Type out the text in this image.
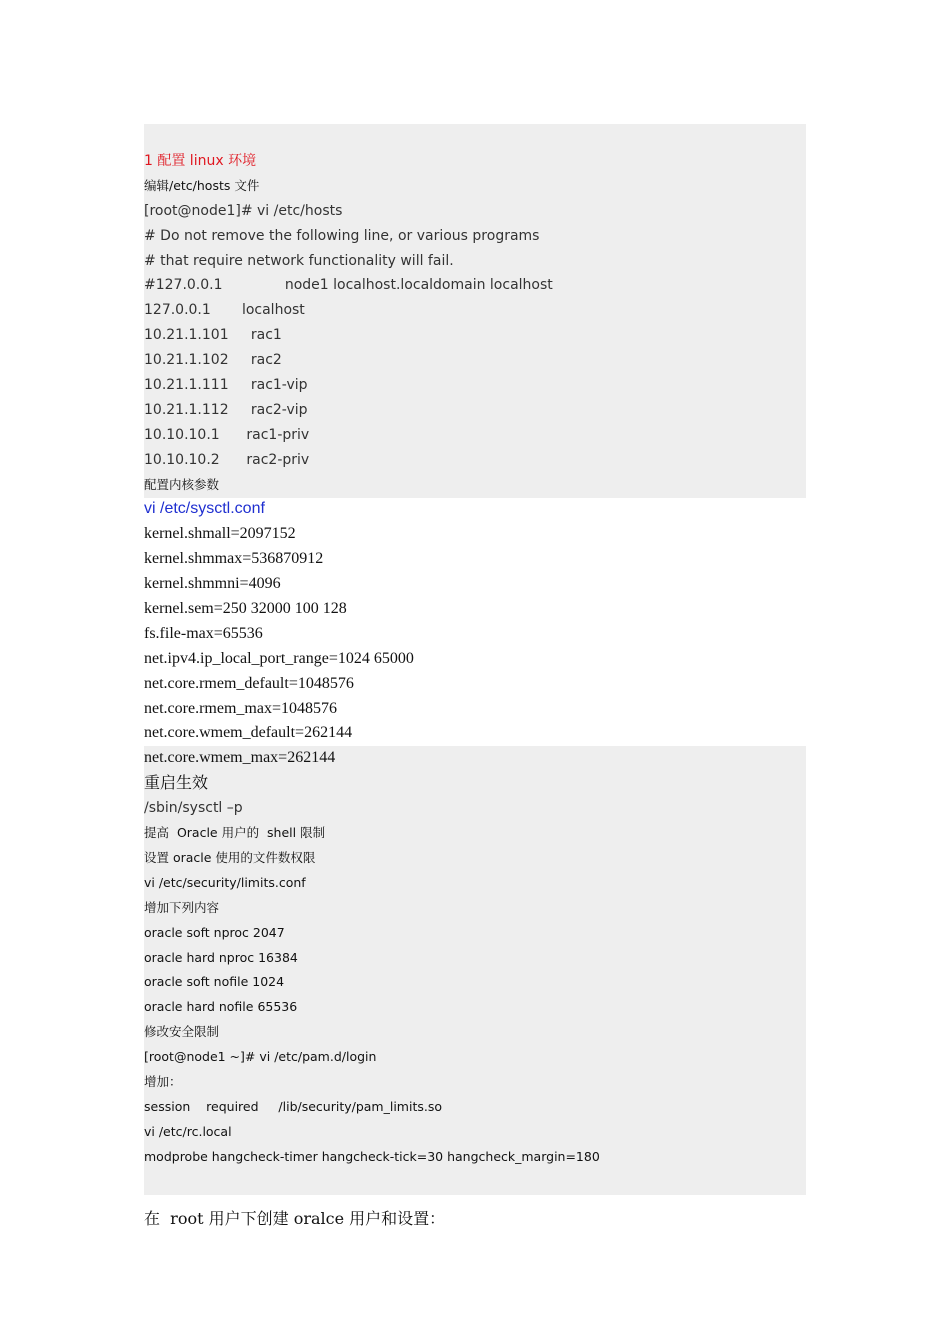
1 配置 linux 环境
编辑/etc/hosts 文件
[root@node1]# vi /etc/hosts
# Do not remove the following line, or various programs
# that require network functionality will fail.
#127.0.0.1              node1 localhost.localdomain localhost
127.0.0.1       localhost
10.21.1.101     rac1
10.21.1.102     rac2
10.21.1.111     rac1-vip
10.21.1.112     rac2-vip
10.10.10.1      rac1-priv
10.10.10.2      rac2-priv
配置内核参数
vi /etc/sysctl.conf
kernel.shmall=2097152
kernel.shmmax=536870912
kernel.shmmni=4096
kernel.sem=250 32000 100 128
fs.file-max=65536
net.ipv4.ip_local_port_range=1024 65000
net.core.rmem_default=1048576
net.core.rmem_max=1048576
net.core.wmem_default=262144
net.core.wmem_max=262144
重启生效
/sbin/sysctl –p
提高  Oracle 用户的  shell 限制
设置 oracle 使用的文件数权限
vi /etc/security/limits.conf
增加下列内容
oracle soft nproc 2047
oracle hard nproc 16384
oracle soft nofile 1024
oracle hard nofile 65536
修改安全限制
[root@node1 ~]# vi /etc/pam.d/login
增加：
session    required     /lib/security/pam_limits.so
vi /etc/rc.local
modprobe hangcheck-timer hangcheck-tick=30 hangcheck_margin=180
在  root 用户下创建 oralce 用户和设置：
